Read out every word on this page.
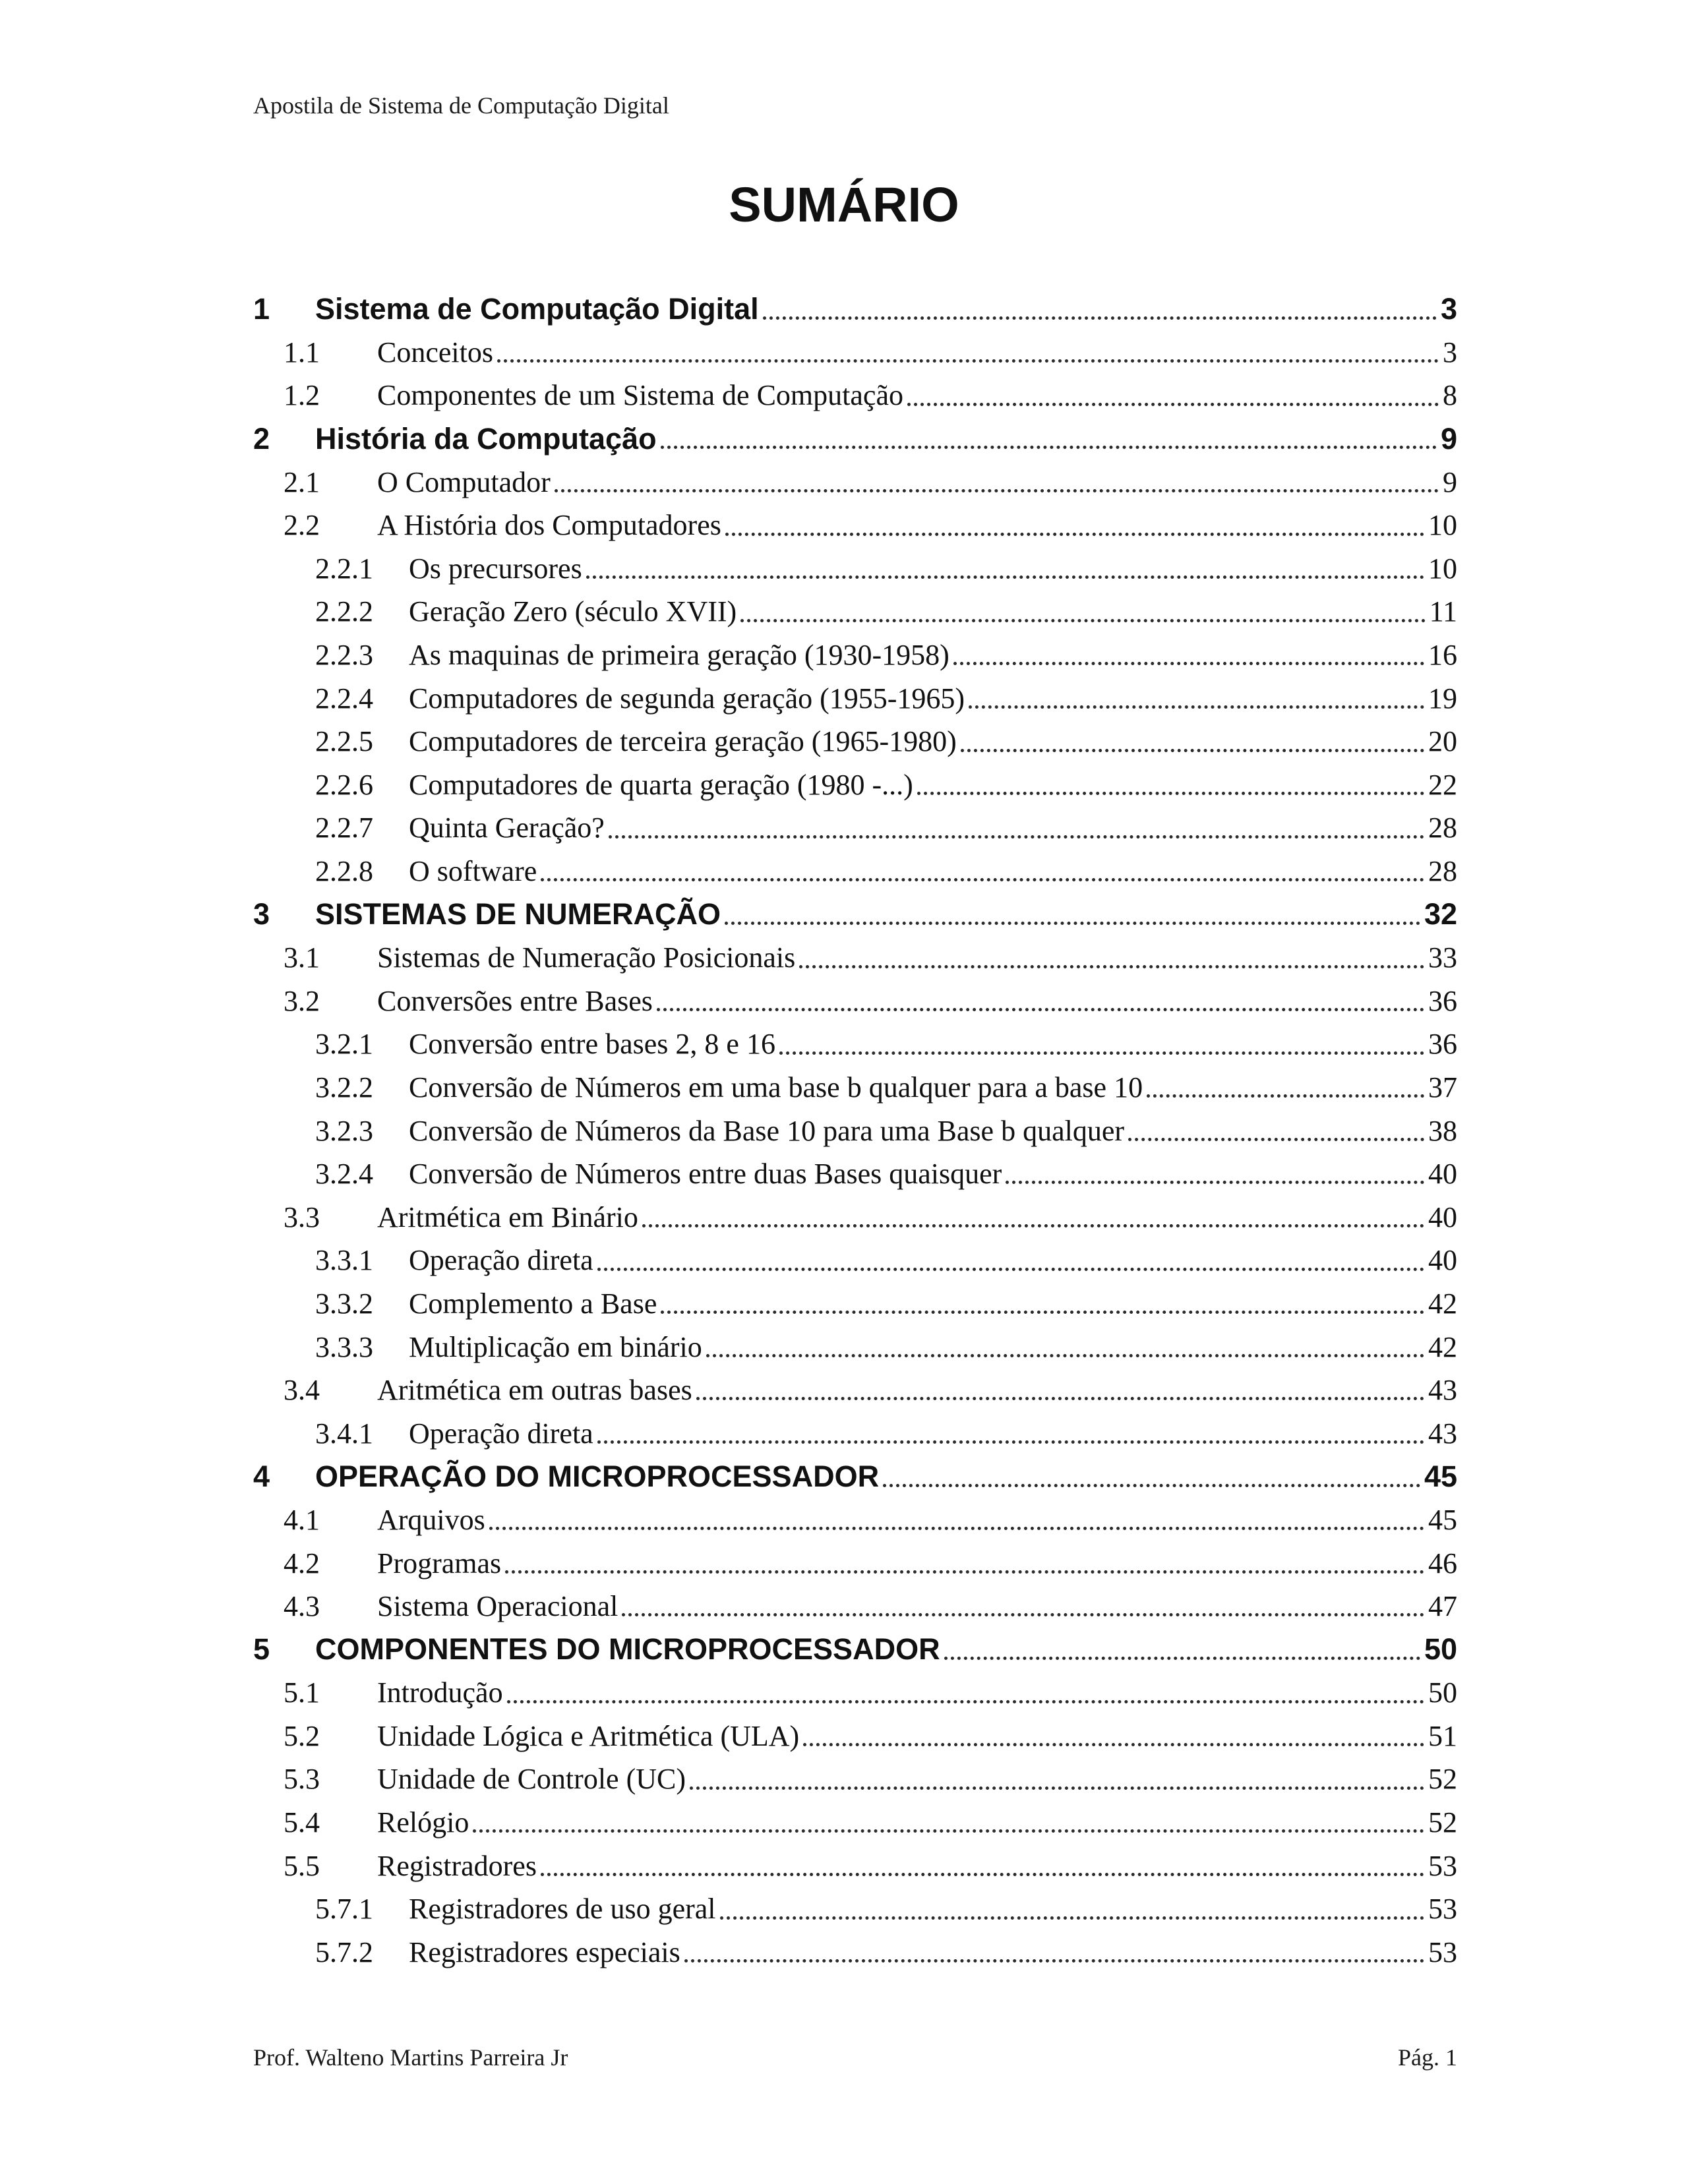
Apostila de Sistema de Computação Digital
SUMÁRIO
1	Sistema de Computação Digital	3
1.1	Conceitos	3
1.2	Componentes de um Sistema de Computação	8
2	História da Computação	9
2.1	O Computador	9
2.2	A História dos Computadores	10
2.2.1	Os precursores	10
2.2.2	Geração Zero (século XVII)	11
2.2.3	As maquinas de primeira geração (1930-1958)	16
2.2.4	Computadores de segunda geração (1955-1965)	19
2.2.5	Computadores de terceira geração (1965-1980)	20
2.2.6	Computadores de quarta geração (1980 -...)	22
2.2.7	Quinta Geração?	28
2.2.8	O software	28
3	SISTEMAS DE NUMERAÇÃO	32
3.1	Sistemas de Numeração Posicionais	33
3.2	Conversões entre Bases	36
3.2.1	Conversão entre bases 2, 8 e 16	36
3.2.2	Conversão de Números em uma base b qualquer para a base 10	37
3.2.3	Conversão de Números da Base 10 para uma Base b qualquer	38
3.2.4	Conversão de Números entre duas Bases quaisquer	40
3.3	Aritmética em Binário	40
3.3.1	Operação direta	40
3.3.2	Complemento a Base	42
3.3.3	Multiplicação em binário	42
3.4	Aritmética em outras bases	43
3.4.1	Operação direta	43
4	OPERAÇÃO DO MICROPROCESSADOR	45
4.1	Arquivos	45
4.2	Programas	46
4.3	Sistema Operacional	47
5	COMPONENTES DO MICROPROCESSADOR	50
5.1	Introdução	50
5.2	Unidade Lógica e Aritmética (ULA)	51
5.3	Unidade de Controle (UC)	52
5.4	Relógio	52
5.5	Registradores	53
5.7.1	Registradores de uso geral	53
5.7.2	Registradores especiais	53
Prof. Walteno Martins Parreira Jr	Pág. 1
